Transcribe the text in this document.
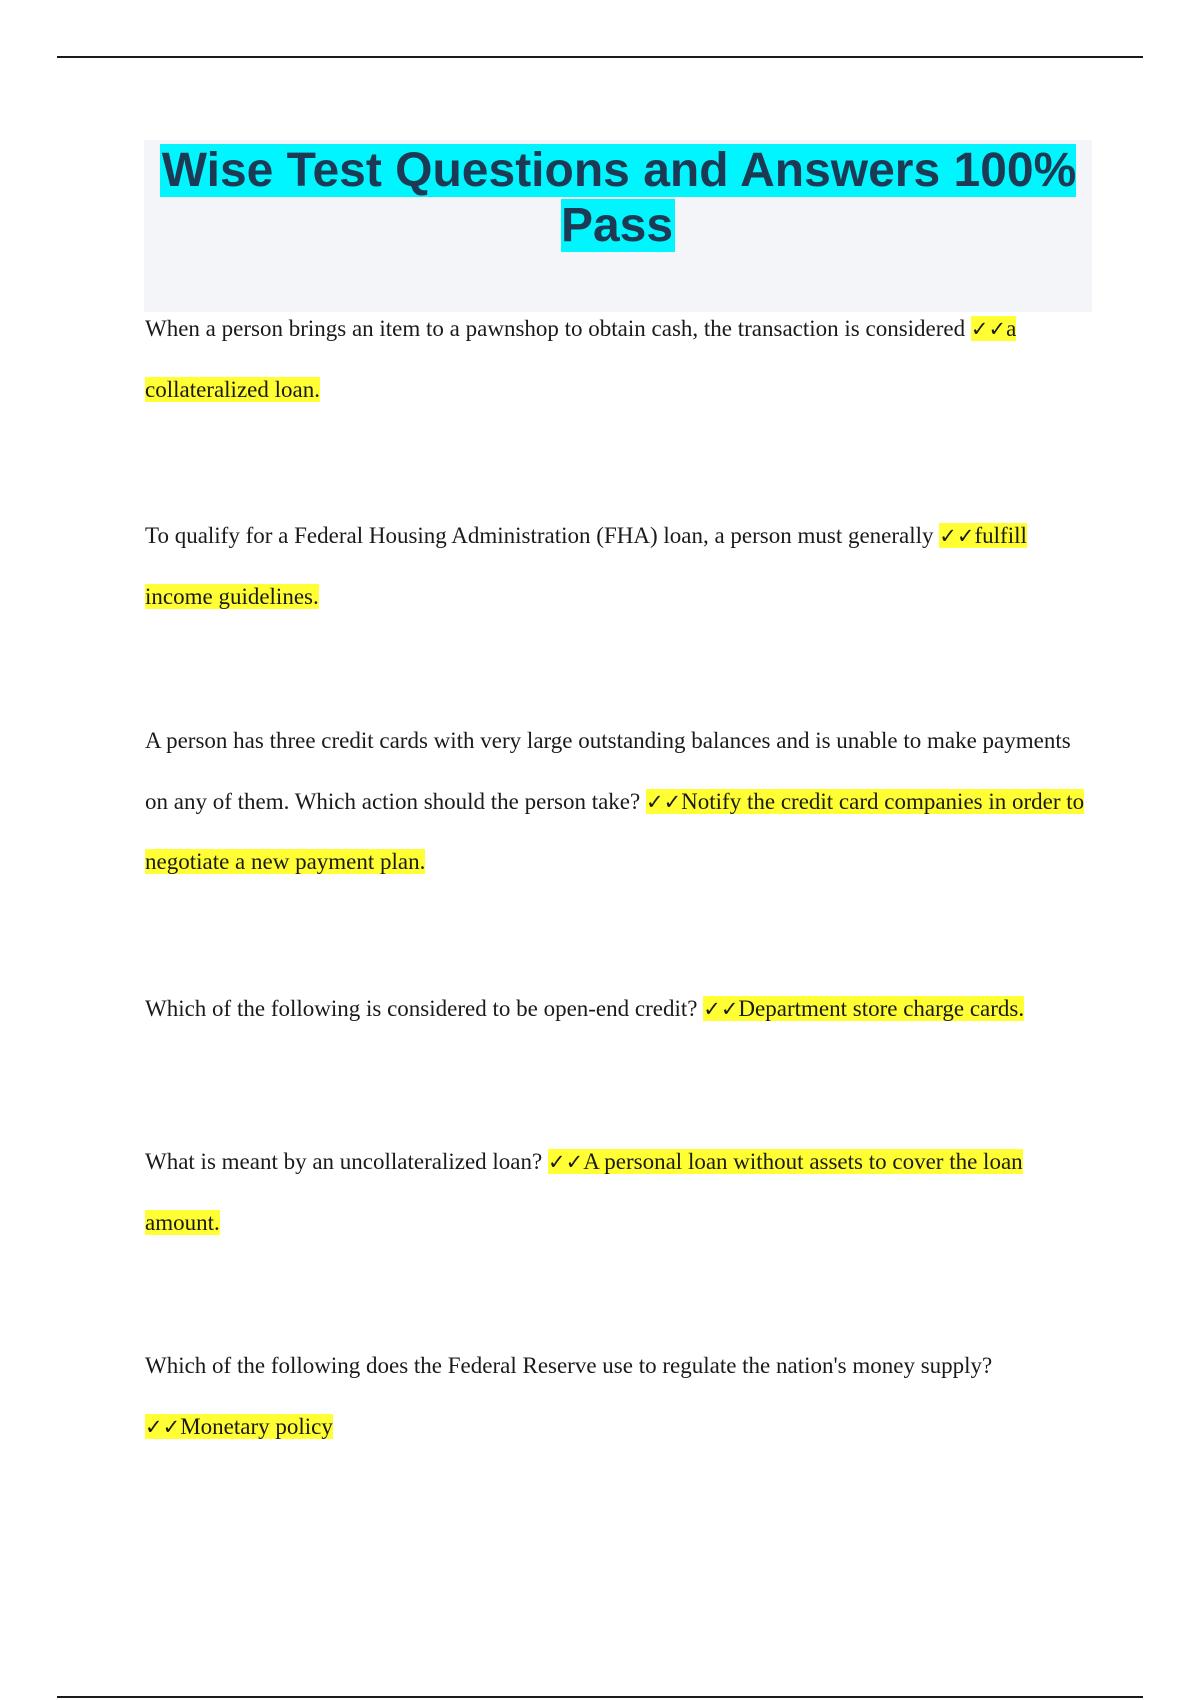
Wise Test Questions and Answers 100% Pass

When a person brings an item to a pawnshop to obtain cash, the transaction is considered ✓✓a collateralized loan.

To qualify for a Federal Housing Administration (FHA) loan, a person must generally ✓✓fulfill income guidelines.

A person has three credit cards with very large outstanding balances and is unable to make payments on any of them. Which action should the person take? ✓✓Notify the credit card companies in order to negotiate a new payment plan.

Which of the following is considered to be open-end credit? ✓✓Department store charge cards.

What is meant by an uncollateralized loan? ✓✓A personal loan without assets to cover the loan amount.

Which of the following does the Federal Reserve use to regulate the nation's money supply? ✓✓Monetary policy
